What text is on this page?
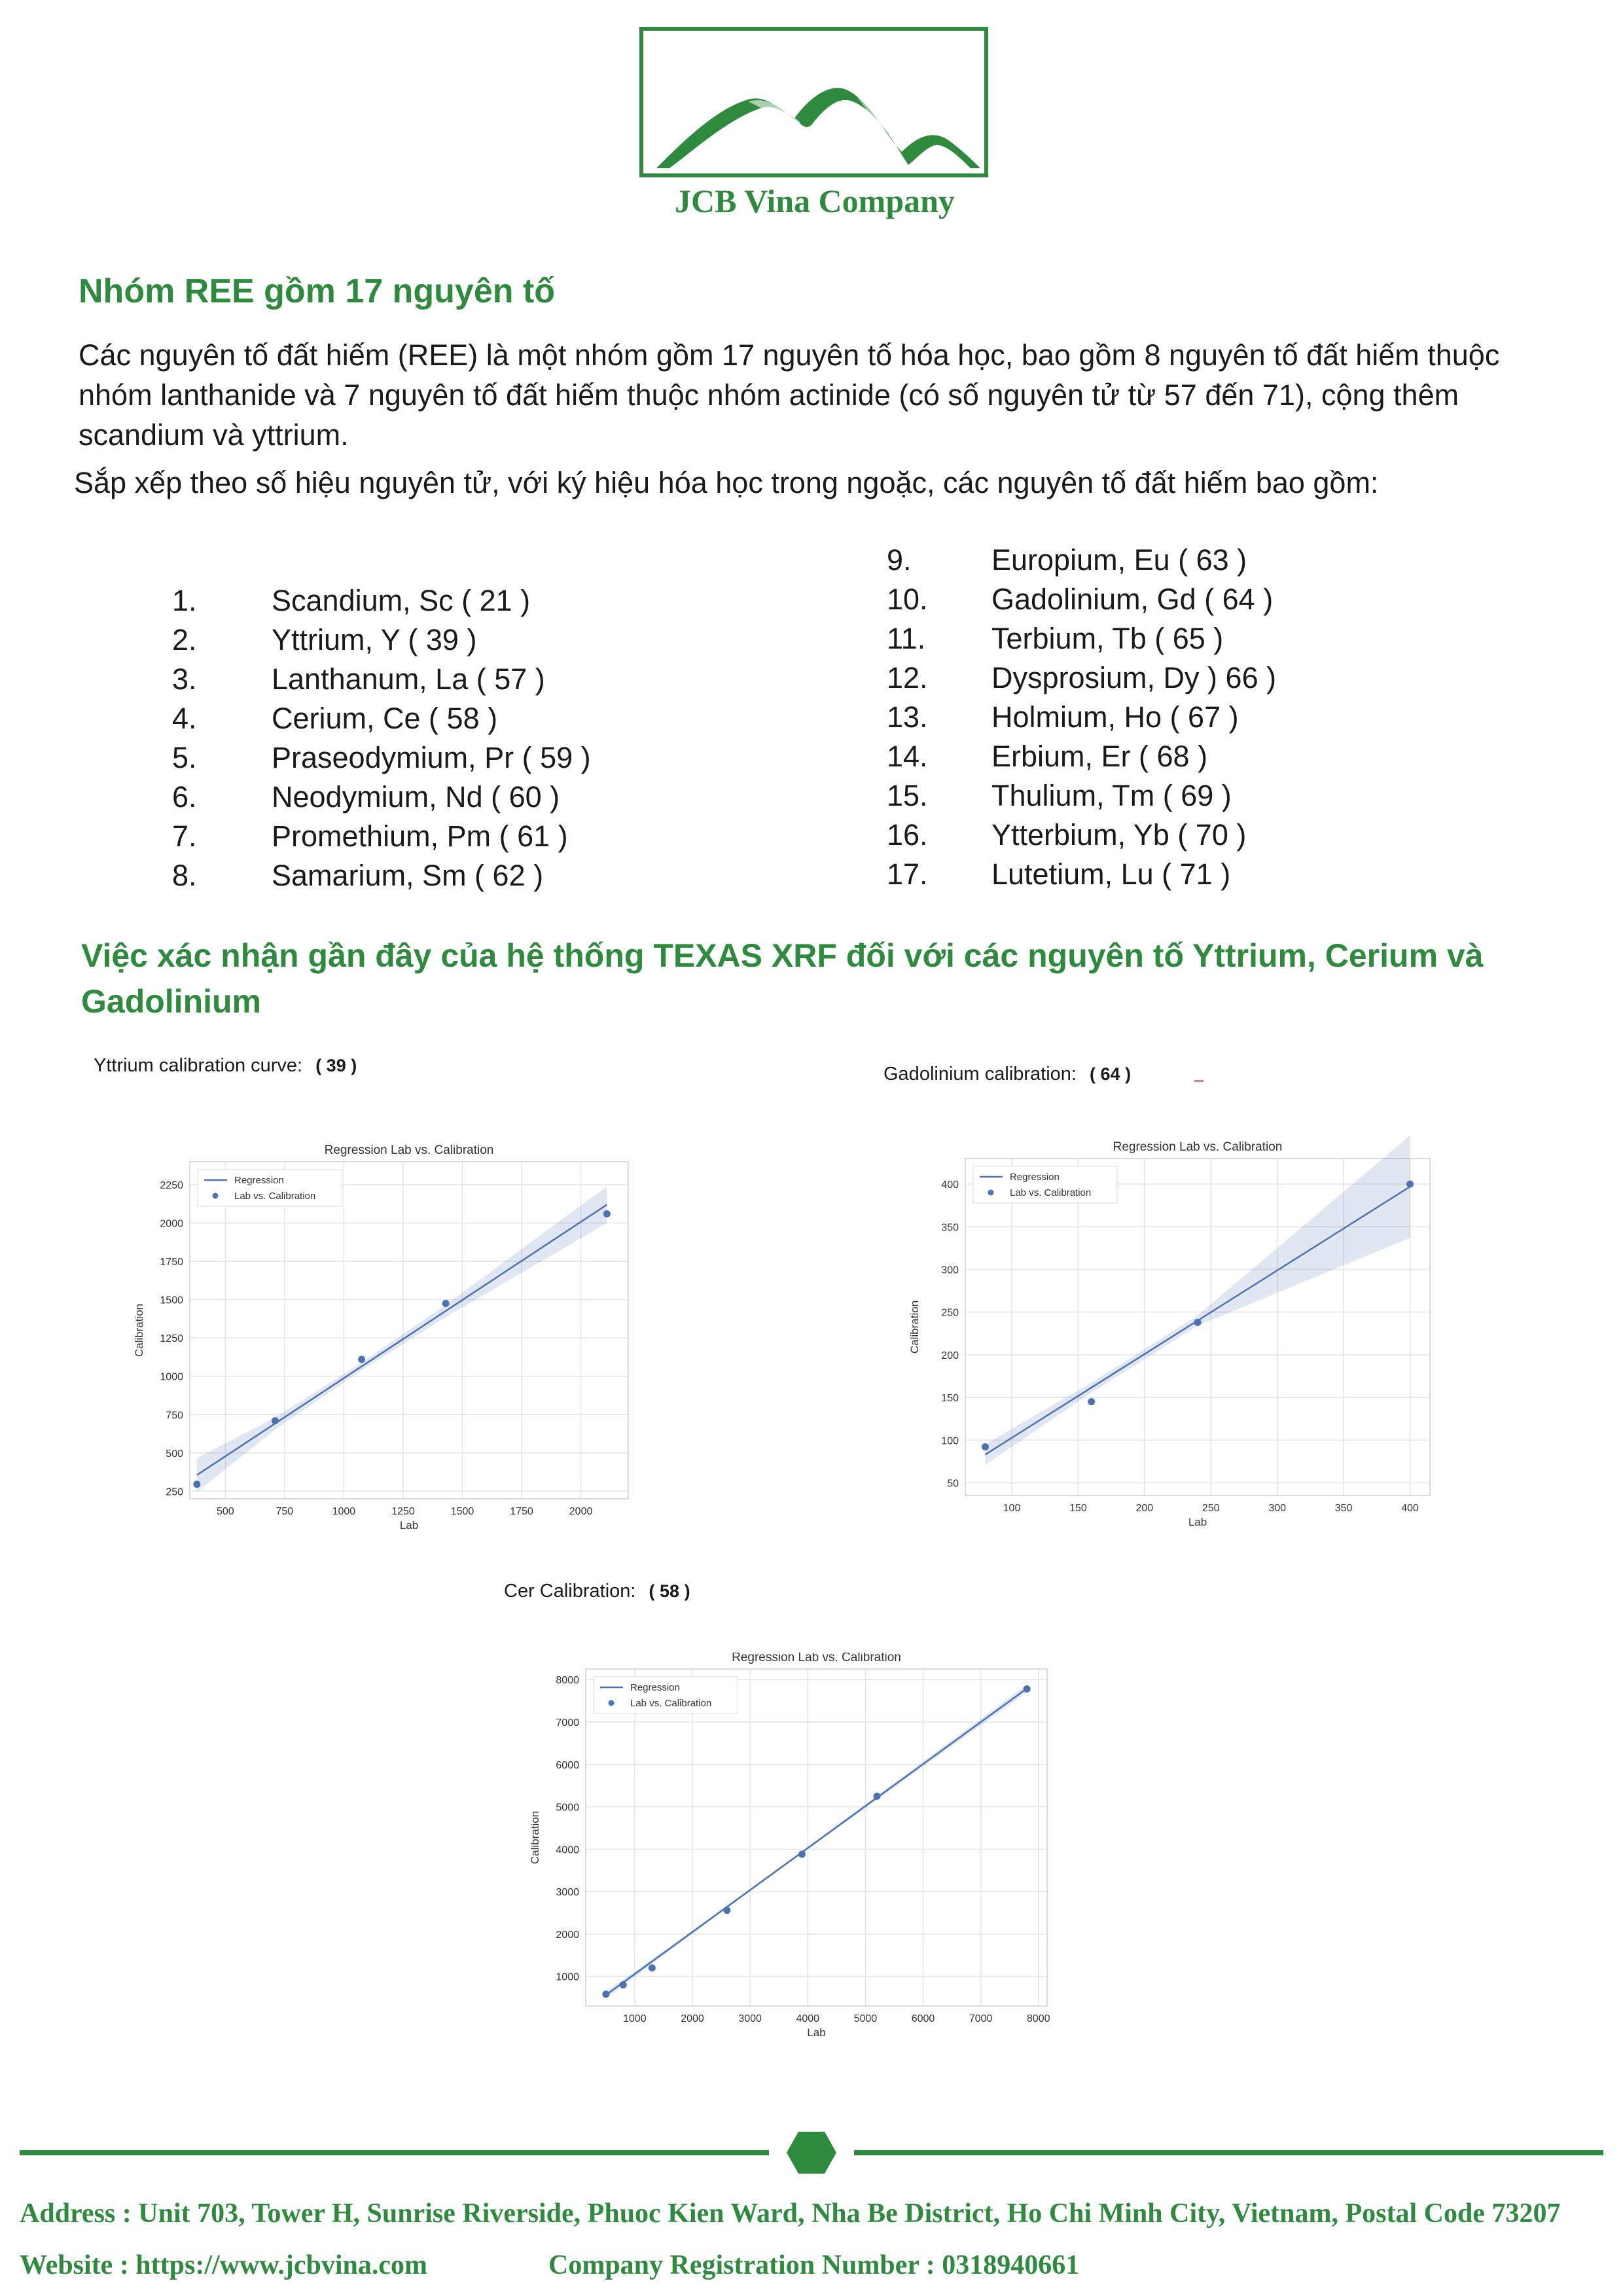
JCB Vina Company
Nhóm REE gồm 17 nguyên tố
Các nguyên tố đất hiếm (REE) là một nhóm gồm 17 nguyên tố hóa học, bao gồm 8 nguyên tố đất hiếm thuộc nhóm lanthanide và 7 nguyên tố đất hiếm thuộc nhóm actinide (có số nguyên tử từ 57 đến 71), cộng thêm scandium và yttrium.
Sắp xếp theo số hiệu nguyên tử, với ký hiệu hóa học trong ngoặc, các nguyên tố đất hiếm bao gồm:
1.	Scandium, Sc ( 21 )
2.	Yttrium, Y ( 39 )
3.	Lanthanum, La ( 57 )
4.	Cerium, Ce ( 58 )
5.	Praseodymium, Pr ( 59 )
6.	Neodymium, Nd ( 60 )
7.	Promethium, Pm ( 61 )
8.	Samarium, Sm ( 62 )
9.	Europium, Eu ( 63 )
10. Gadolinium, Gd ( 64 )
11. Terbium, Tb ( 65 )
12. Dysprosium, Dy ) 66 )
13. Holmium, Ho ( 67 )
14. Erbium, Er ( 68 )
15. Thulium, Tm ( 69 )
16. Ytterbium, Yb ( 70 )
17. Lutetium, Lu ( 71 )
Việc xác nhận gần đây của hệ thống TEXAS XRF đối với các nguyên tố Yttrium, Cerium và Gadolinium
Yttrium calibration curve: ( 39 )	Gadolinium calibration: ( 64 )
Cer Calibration: ( 58 )
Regression Lab vs. Calibration
500	750	1000	1250	1500	1750	2000
250
500
750
1000
1250
1500
1750
2000
2250
Lab
Calibration
Regression
Lab vs. Calibration
Regression Lab vs. Calibration
100	150	200	250	300	350	400
50
100
150
200
250
300
350
400
Lab
Calibration
Regression
Lab vs. Calibration
Regression Lab vs. Calibration
1000	2000	3000	4000	5000	6000	7000	8000
1000
2000
3000
4000
5000
6000
7000
8000
Lab
Calibration
Regression
Lab vs. Calibration
Address : Unit 703, Tower H, Sunrise Riverside, Phuoc Kien Ward, Nha Be District, Ho Chi Minh City, Vietnam, Postal Code 73207
Website : https://www.jcbvina.com	Company Registration Number : 0318940661
